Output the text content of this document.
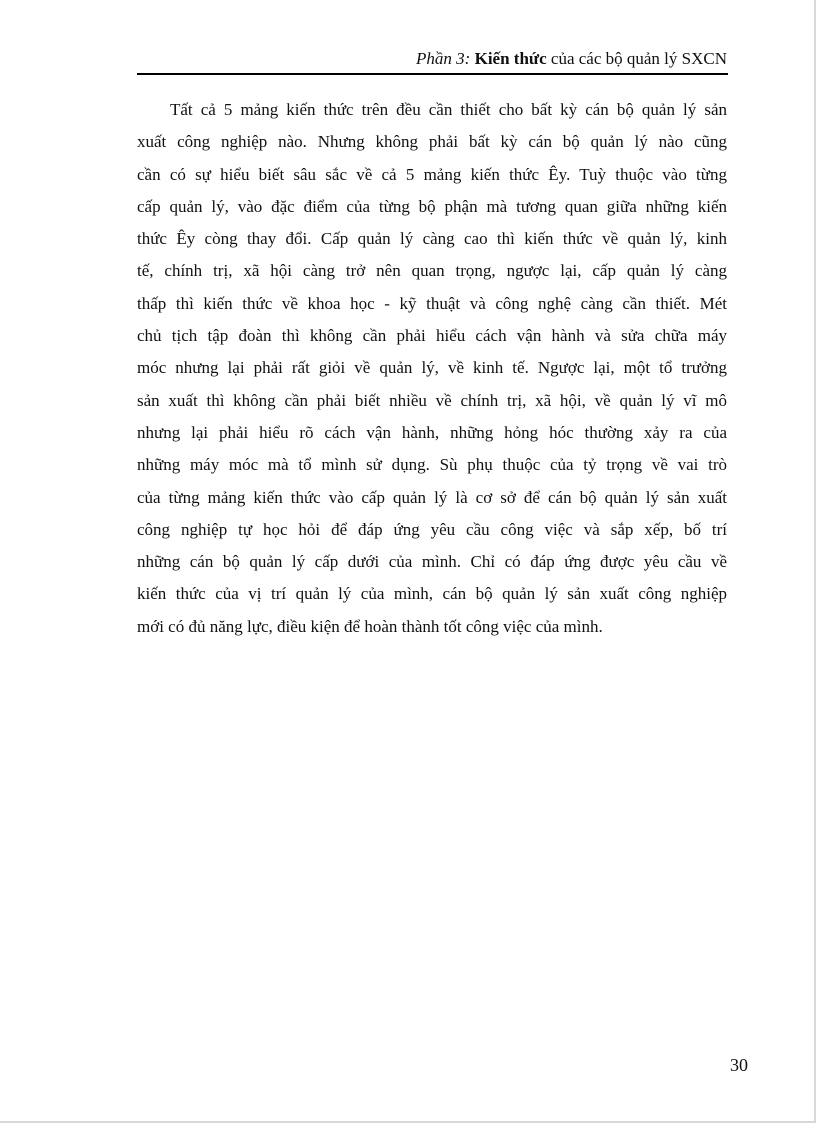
Phần 3: Kiến thức của các bộ quản lý SXCN
Tất cả 5 mảng kiến thức trên đều cần thiết cho bất kỳ cán bộ quản lý sản
xuất công nghiệp nào. Nhưng không phải bất kỳ cán bộ quản lý nào cũng
cần có sự hiểu biết sâu sắc về cả 5 mảng kiến thức Êy. Tuỳ thuộc vào từng
cấp quản lý, vào đặc điểm của từng bộ phận mà tương quan giữa những kiến
thức Êy còng thay đổi. Cấp quản lý càng cao thì kiến thức về quản lý, kinh
tế, chính trị, xã hội càng trở nên quan trọng, ngược lại, cấp quản lý càng
thấp thì kiến thức về khoa học - kỹ thuật và công nghệ càng cần thiết. Mét
chủ tịch tập đoàn thì không cần phải hiểu cách vận hành và sửa chữa máy
móc nhưng lại phải rất giỏi về quản lý, về kinh tế. Ngược lại, một tổ trưởng
sản xuất thì không cần phải biết nhiều về chính trị, xã hội, về quản lý vĩ mô
nhưng lại phải hiểu rõ cách vận hành, những hỏng hóc thường xảy ra của
những máy móc mà tổ mình sử dụng. Sù phụ thuộc của tỷ trọng về vai trò
của từng mảng kiến thức vào cấp quản lý là cơ sở để cán bộ quản lý sản xuất
công nghiệp tự học hỏi để đáp ứng yêu cầu công việc và sắp xếp, bố trí
những cán bộ quản lý cấp dưới của mình. Chỉ có đáp ứng được yêu cầu về
kiến thức của vị trí quản lý của mình, cán bộ quản lý sản xuất công nghiệp
mới có đủ năng lực, điều kiện để hoàn thành tốt công việc của mình.
30
